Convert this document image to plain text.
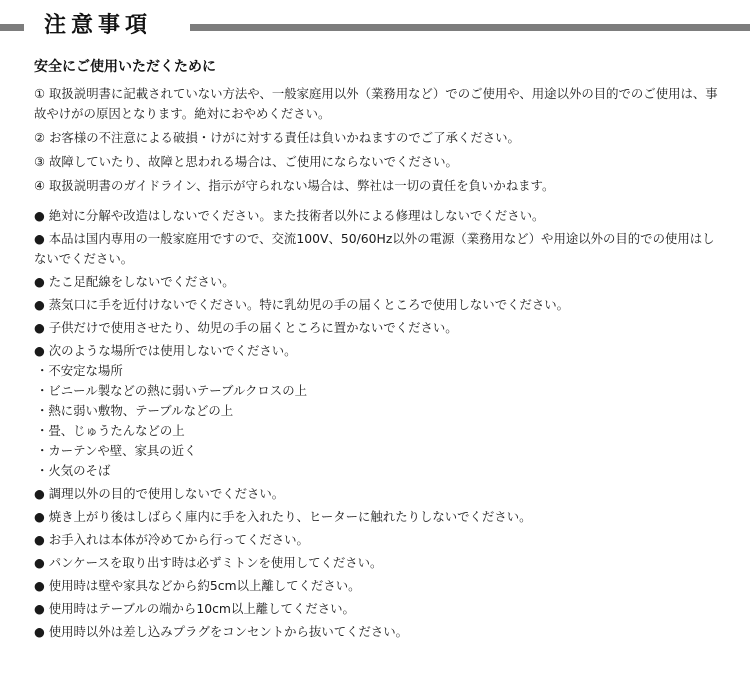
注意事項
安全にご使用いただくために

① 取扱説明書に記載されていない方法や、一般家庭用以外（業務用など）でのご使用や、用途以外の目的でのご使用は、事故やけがの原因となります。絶対におやめください。

② お客様の不注意による破損・けがに対する責任は負いかねますのでご了承ください。

③ 故障していたり、故障と思われる場合は、ご使用にならないでください。

④ 取扱説明書のガイドライン、指示が守られない場合は、弊社は一切の責任を負いかねます。

● 絶対に分解や改造はしないでください。また技術者以外による修理はしないでください。

● 本品は国内専用の一般家庭用ですので、交流100V、50/60Hz以外の電源（業務用など）や用途以外の目的での使用はしないでください。

● たこ足配線をしないでください。

● 蒸気口に手を近付けないでください。特に乳幼児の手の届くところで使用しないでください。

● 子供だけで使用させたり、幼児の手の届くところに置かないでください。

● 次のような場所では使用しないでください。

・不安定な場所

・ビニール製などの熱に弱いテーブルクロスの上

・熱に弱い敷物、テーブルなどの上

・畳、じゅうたんなどの上

・カーテンや壁、家具の近く

・火気のそば

● 調理以外の目的で使用しないでください。

● 焼き上がり後はしばらく庫内に手を入れたり、ヒーターに触れたりしないでください。

● お手入れは本体が冷めてから行ってください。

● パンケースを取り出す時は必ずミトンを使用してください。

● 使用時は壁や家具などから約5cm以上離してください。

● 使用時はテーブルの端から10cm以上離してください。

● 使用時以外は差し込みプラグをコンセントから抜いてください。
